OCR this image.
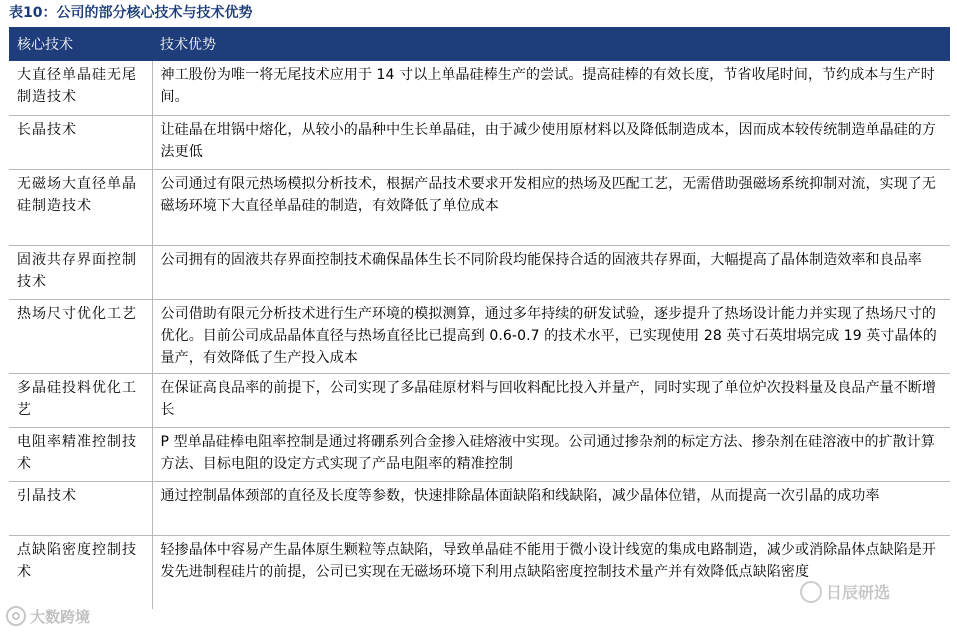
表10：公司的部分核心技术与技术优势
核心技术	技术优势
大直径单晶硅无尾制造技术	神工股份为唯一将无尾技术应用于 14 寸以上单晶硅棒生产的尝试。提高硅棒的有效长度，节省收尾时间，节约成本与生产时间。
长晶技术	让硅晶在坩锅中熔化，从较小的晶种中生长单晶硅，由于减少使用原材料以及降低制造成本，因而成本较传统制造单晶硅的方法更低
无磁场大直径单晶硅制造技术	公司通过有限元热场模拟分析技术，根据产品技术要求开发相应的热场及匹配工艺，无需借助强磁场系统抑制对流，实现了无磁场环境下大直径单晶硅的制造，有效降低了单位成本
固液共存界面控制技术	公司拥有的固液共存界面控制技术确保晶体生长不同阶段均能保持合适的固液共存界面，大幅提高了晶体制造效率和良品率
热场尺寸优化工艺	公司借助有限元分析技术进行生产环境的模拟测算，通过多年持续的研发试验，逐步提升了热场设计能力并实现了热场尺寸的优化。目前公司成品晶体直径与热场直径比已提高到 0.6-0.7 的技术水平，已实现使用 28 英寸石英坩埚完成 19 英寸晶体的量产，有效降低了生产投入成本
多晶硅投料优化工艺	在保证高良品率的前提下，公司实现了多晶硅原材料与回收料配比投入并量产，同时实现了单位炉次投料量及良品产量不断增长
电阻率精准控制技术	P 型单晶硅棒电阻率控制是通过将硼系列合金掺入硅熔液中实现。公司通过掺杂剂的标定方法、掺杂剂在硅溶液中的扩散计算方法、目标电阻的设定方式实现了产品电阻率的精准控制
引晶技术	通过控制晶体颈部的直径及长度等参数，快速排除晶体面缺陷和线缺陷，减少晶体位错，从而提高一次引晶的成功率
点缺陷密度控制技术	轻掺晶体中容易产生晶体原生颗粒等点缺陷，导致单晶硅不能用于微小设计线宽的集成电路制造，减少或消除晶体点缺陷是开发先进制程硅片的前提，公司已实现在无磁场环境下利用点缺陷密度控制技术量产并有效降低点缺陷密度
大数跨境
日辰研选
